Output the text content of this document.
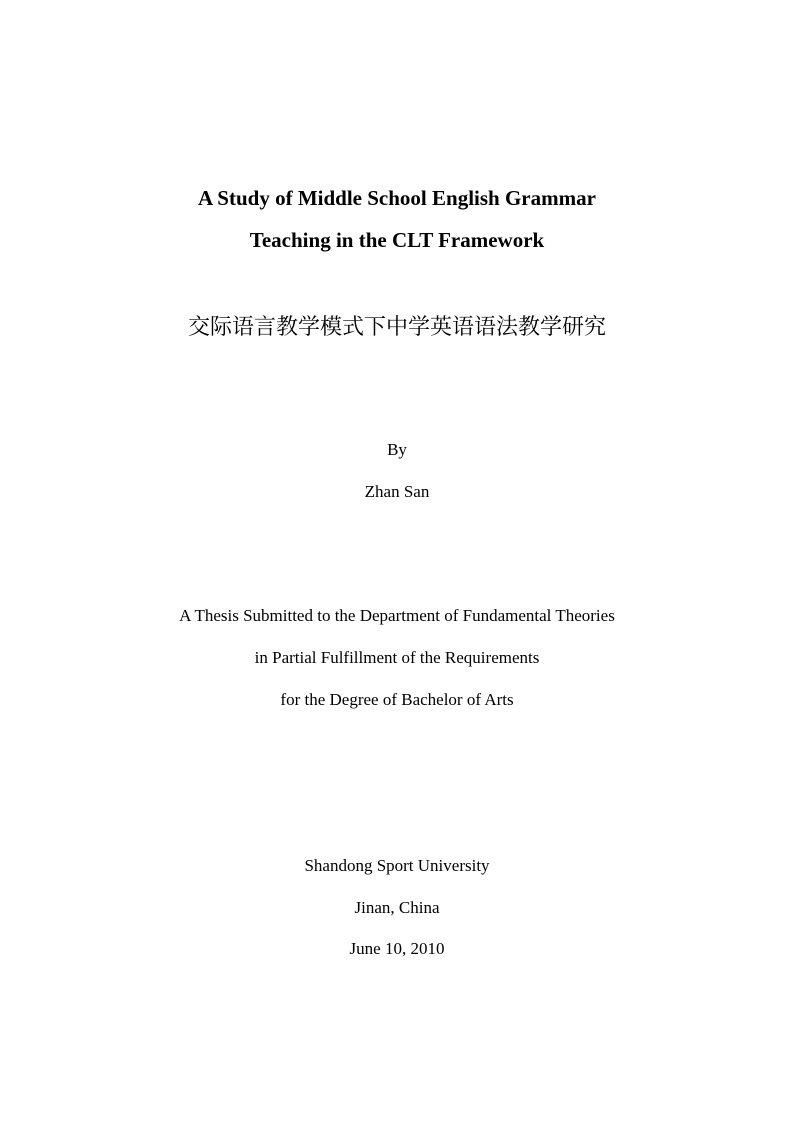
A Study of Middle School English Grammar
Teaching in the CLT Framework
交际语言教学模式下中学英语语法教学研究
By
Zhan San
A Thesis Submitted to the Department of Fundamental Theories
in Partial Fulfillment of the Requirements
for the Degree of Bachelor of Arts
Shandong Sport University
Jinan, China
June 10, 2010
